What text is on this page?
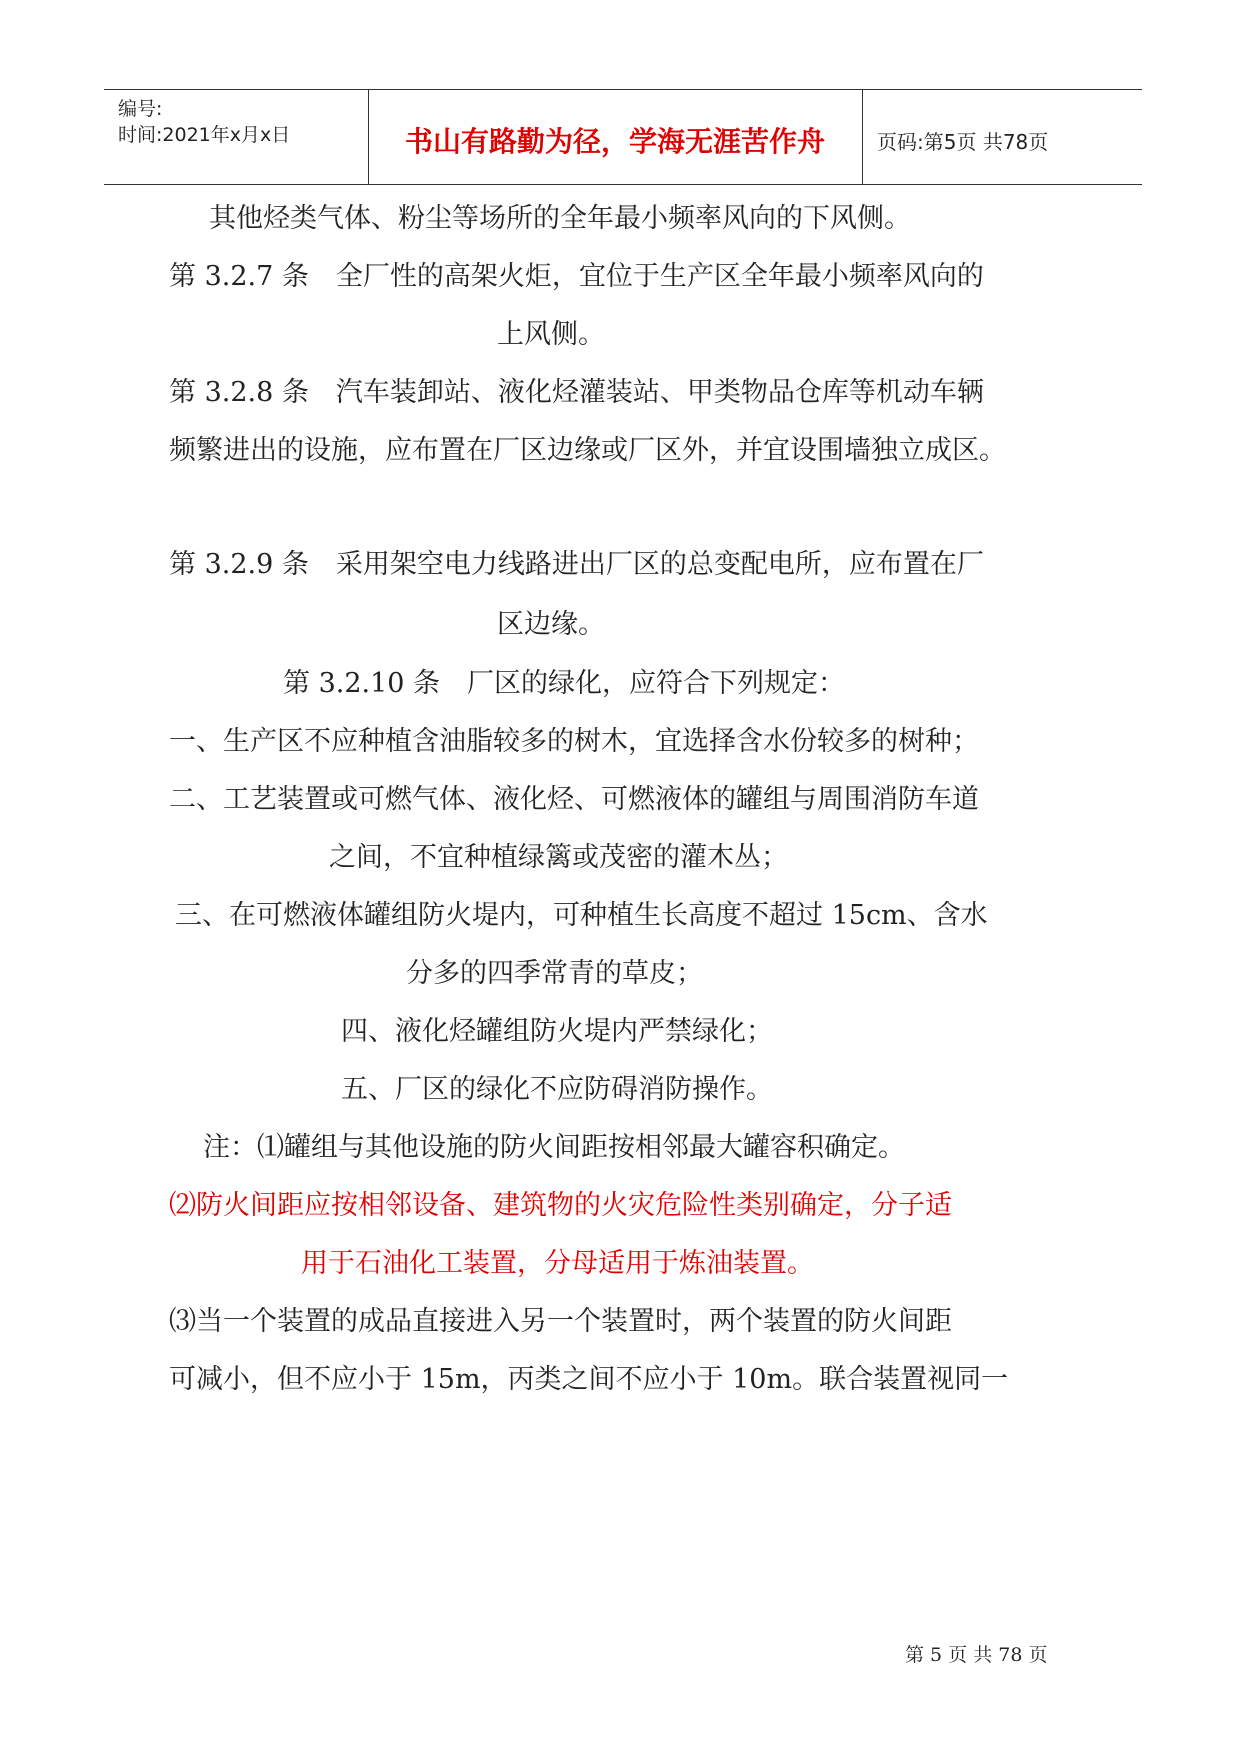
编号:
时间:2021年x月x日	书山有路勤为径，学海无涯苦作舟	页码:第5页 共78页
其他烃类气体、粉尘等场所的全年最小频率风向的下风侧。
第 3.2.7 条　全厂性的高架火炬，宜位于生产区全年最小频率风向的
上风侧。
第 3.2.8 条　汽车装卸站、液化烃灌装站、甲类物品仓库等机动车辆
频繁进出的设施，应布置在厂区边缘或厂区外，并宜设围墙独立成区。
第 3.2.9 条　采用架空电力线路进出厂区的总变配电所，应布置在厂
区边缘。
第 3.2.10 条　厂区的绿化，应符合下列规定：
一、生产区不应种植含油脂较多的树木，宜选择含水份较多的树种；
二、工艺装置或可燃气体、液化烃、可燃液体的罐组与周围消防车道
之间，不宜种植绿篱或茂密的灌木丛；
三、在可燃液体罐组防火堤内，可种植生长高度不超过 15cm、含水
分多的四季常青的草皮；
四、液化烃罐组防火堤内严禁绿化；
五、厂区的绿化不应防碍消防操作。
注：⑴罐组与其他设施的防火间距按相邻最大罐容积确定。
⑵防火间距应按相邻设备、建筑物的火灾危险性类别确定，分子适
用于石油化工装置，分母适用于炼油装置。
⑶当一个装置的成品直接进入另一个装置时，两个装置的防火间距
可减小，但不应小于 15m，丙类之间不应小于 10m。联合装置视同一
第 5 页 共 78 页
